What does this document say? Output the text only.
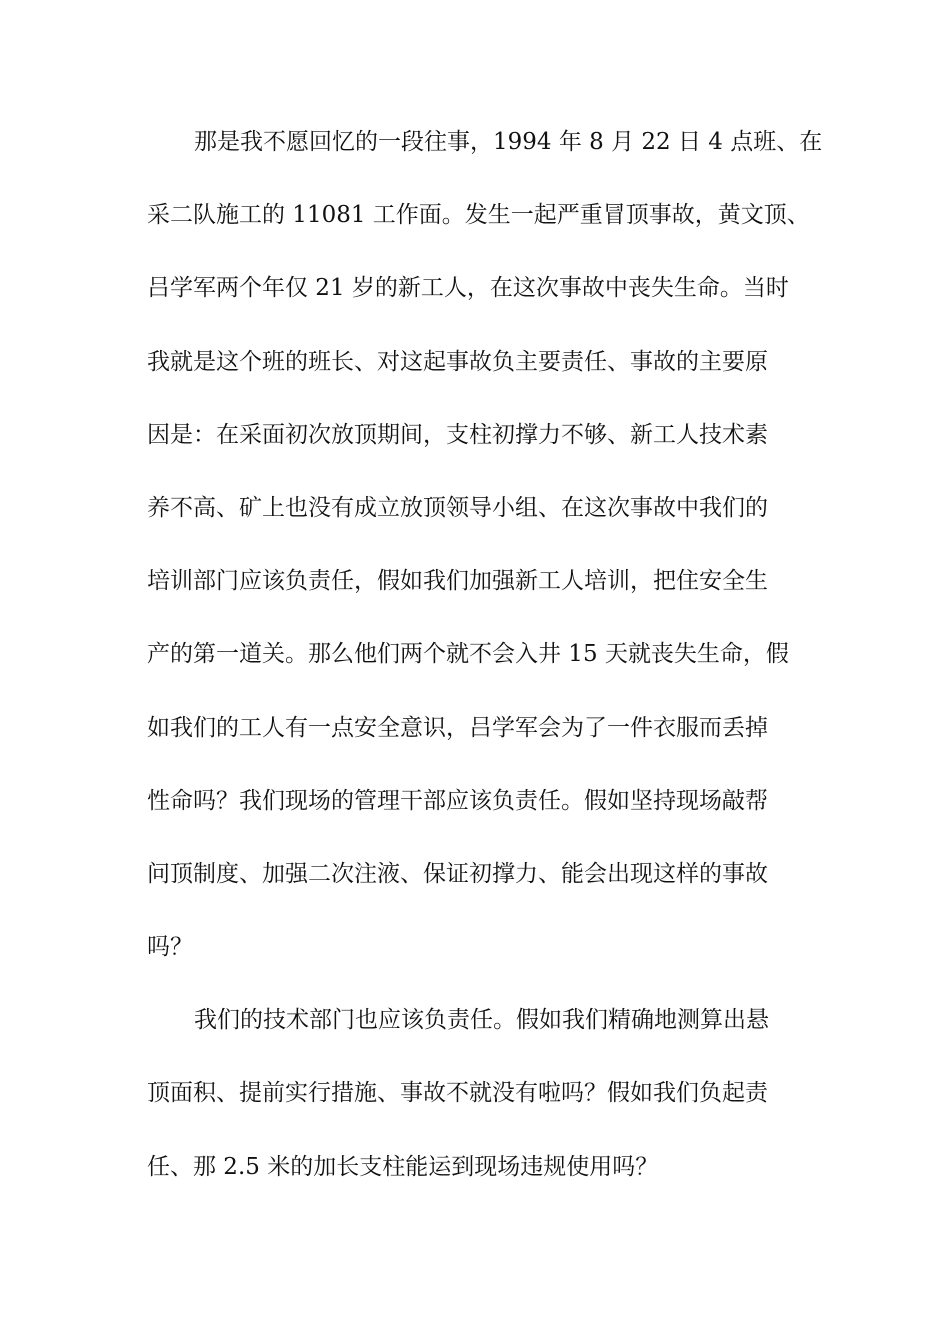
那是我不愿回忆的一段往事，1994 年 8 月 22 日 4 点班、在
采二队施工的 11081 工作面。发生一起严重冒顶事故，黄文顶、
吕学军两个年仅 21 岁的新工人，在这次事故中丧失生命。当时
我就是这个班的班长、对这起事故负主要责任、事故的主要原
因是：在采面初次放顶期间，支柱初撑力不够、新工人技术素
养不高、矿上也没有成立放顶领导小组、在这次事故中我们的
培训部门应该负责任，假如我们加强新工人培训，把住安全生
产的第一道关。那么他们两个就不会入井 15 天就丧失生命，假
如我们的工人有一点安全意识，吕学军会为了一件衣服而丢掉
性命吗？我们现场的管理干部应该负责任。假如坚持现场敲帮
问顶制度、加强二次注液、保证初撑力、能会出现这样的事故
吗？
我们的技术部门也应该负责任。假如我们精确地测算出悬
顶面积、提前实行措施、事故不就没有啦吗？假如我们负起责
任、那 2.5 米的加长支柱能运到现场违规使用吗？
